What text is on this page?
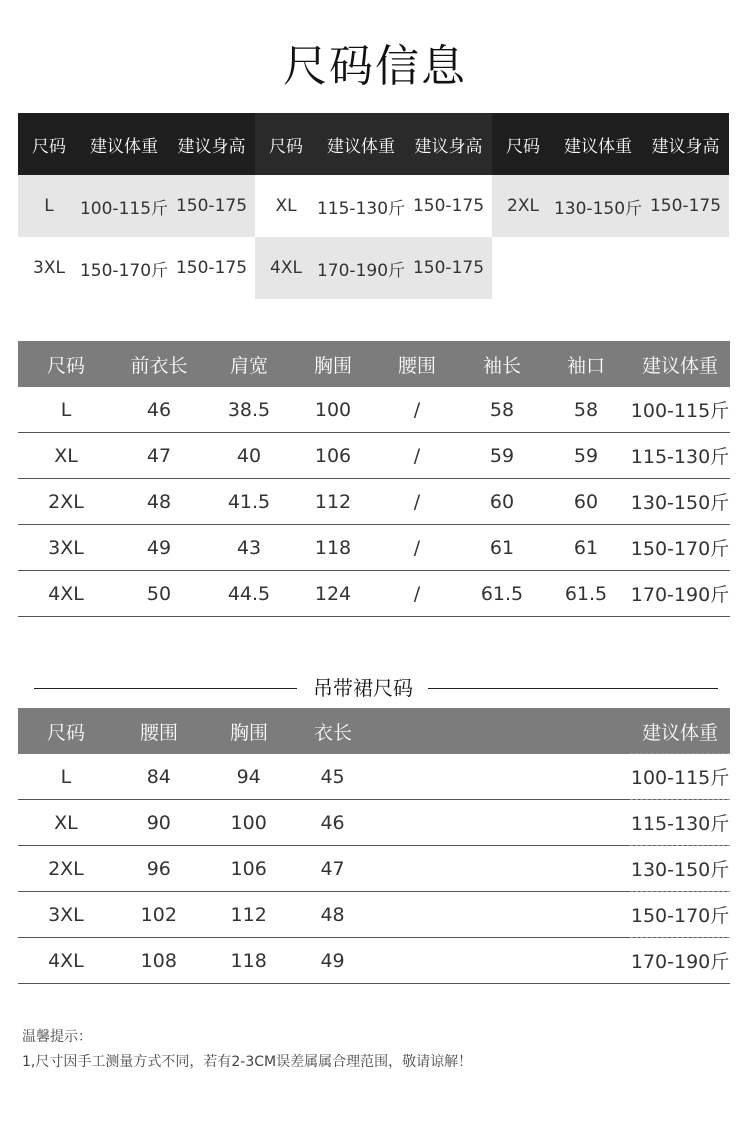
尺码信息
尺码	建议体重	建议身高	尺码	建议体重	建议身高	尺码	建议体重	建议身高
L	100-115斤 150-175	XL	115-130斤 150-175	2XL 130-150斤 150-175
3XL 150-170斤 150-175	4XL 170-190斤 150-175
尺码	前衣长	肩宽	胸围	腰围	袖长	袖口	建议体重
L	46	38.5	100	/	58	58	100-115斤
XL	47	40	106	/	59	59	115-130斤
2XL	48	41.5	112	/	60	60	130-150斤
3XL	49	43	118	/	61	61	150-170斤
4XL	50	44.5	124	/	61.5	61.5	170-190斤
吊带裙尺码
尺码	腰围	胸围	衣长	建议体重
L	84	94	45	100-115斤
XL	90	100	46	115-130斤
2XL	96	106	47	130-150斤
3XL	102	112	48	150-170斤
4XL	108	118	49	170-190斤
温馨提示：
1,尺寸因手工测量方式不同，若有2-3CM误差属属合理范围，敬请谅解！
